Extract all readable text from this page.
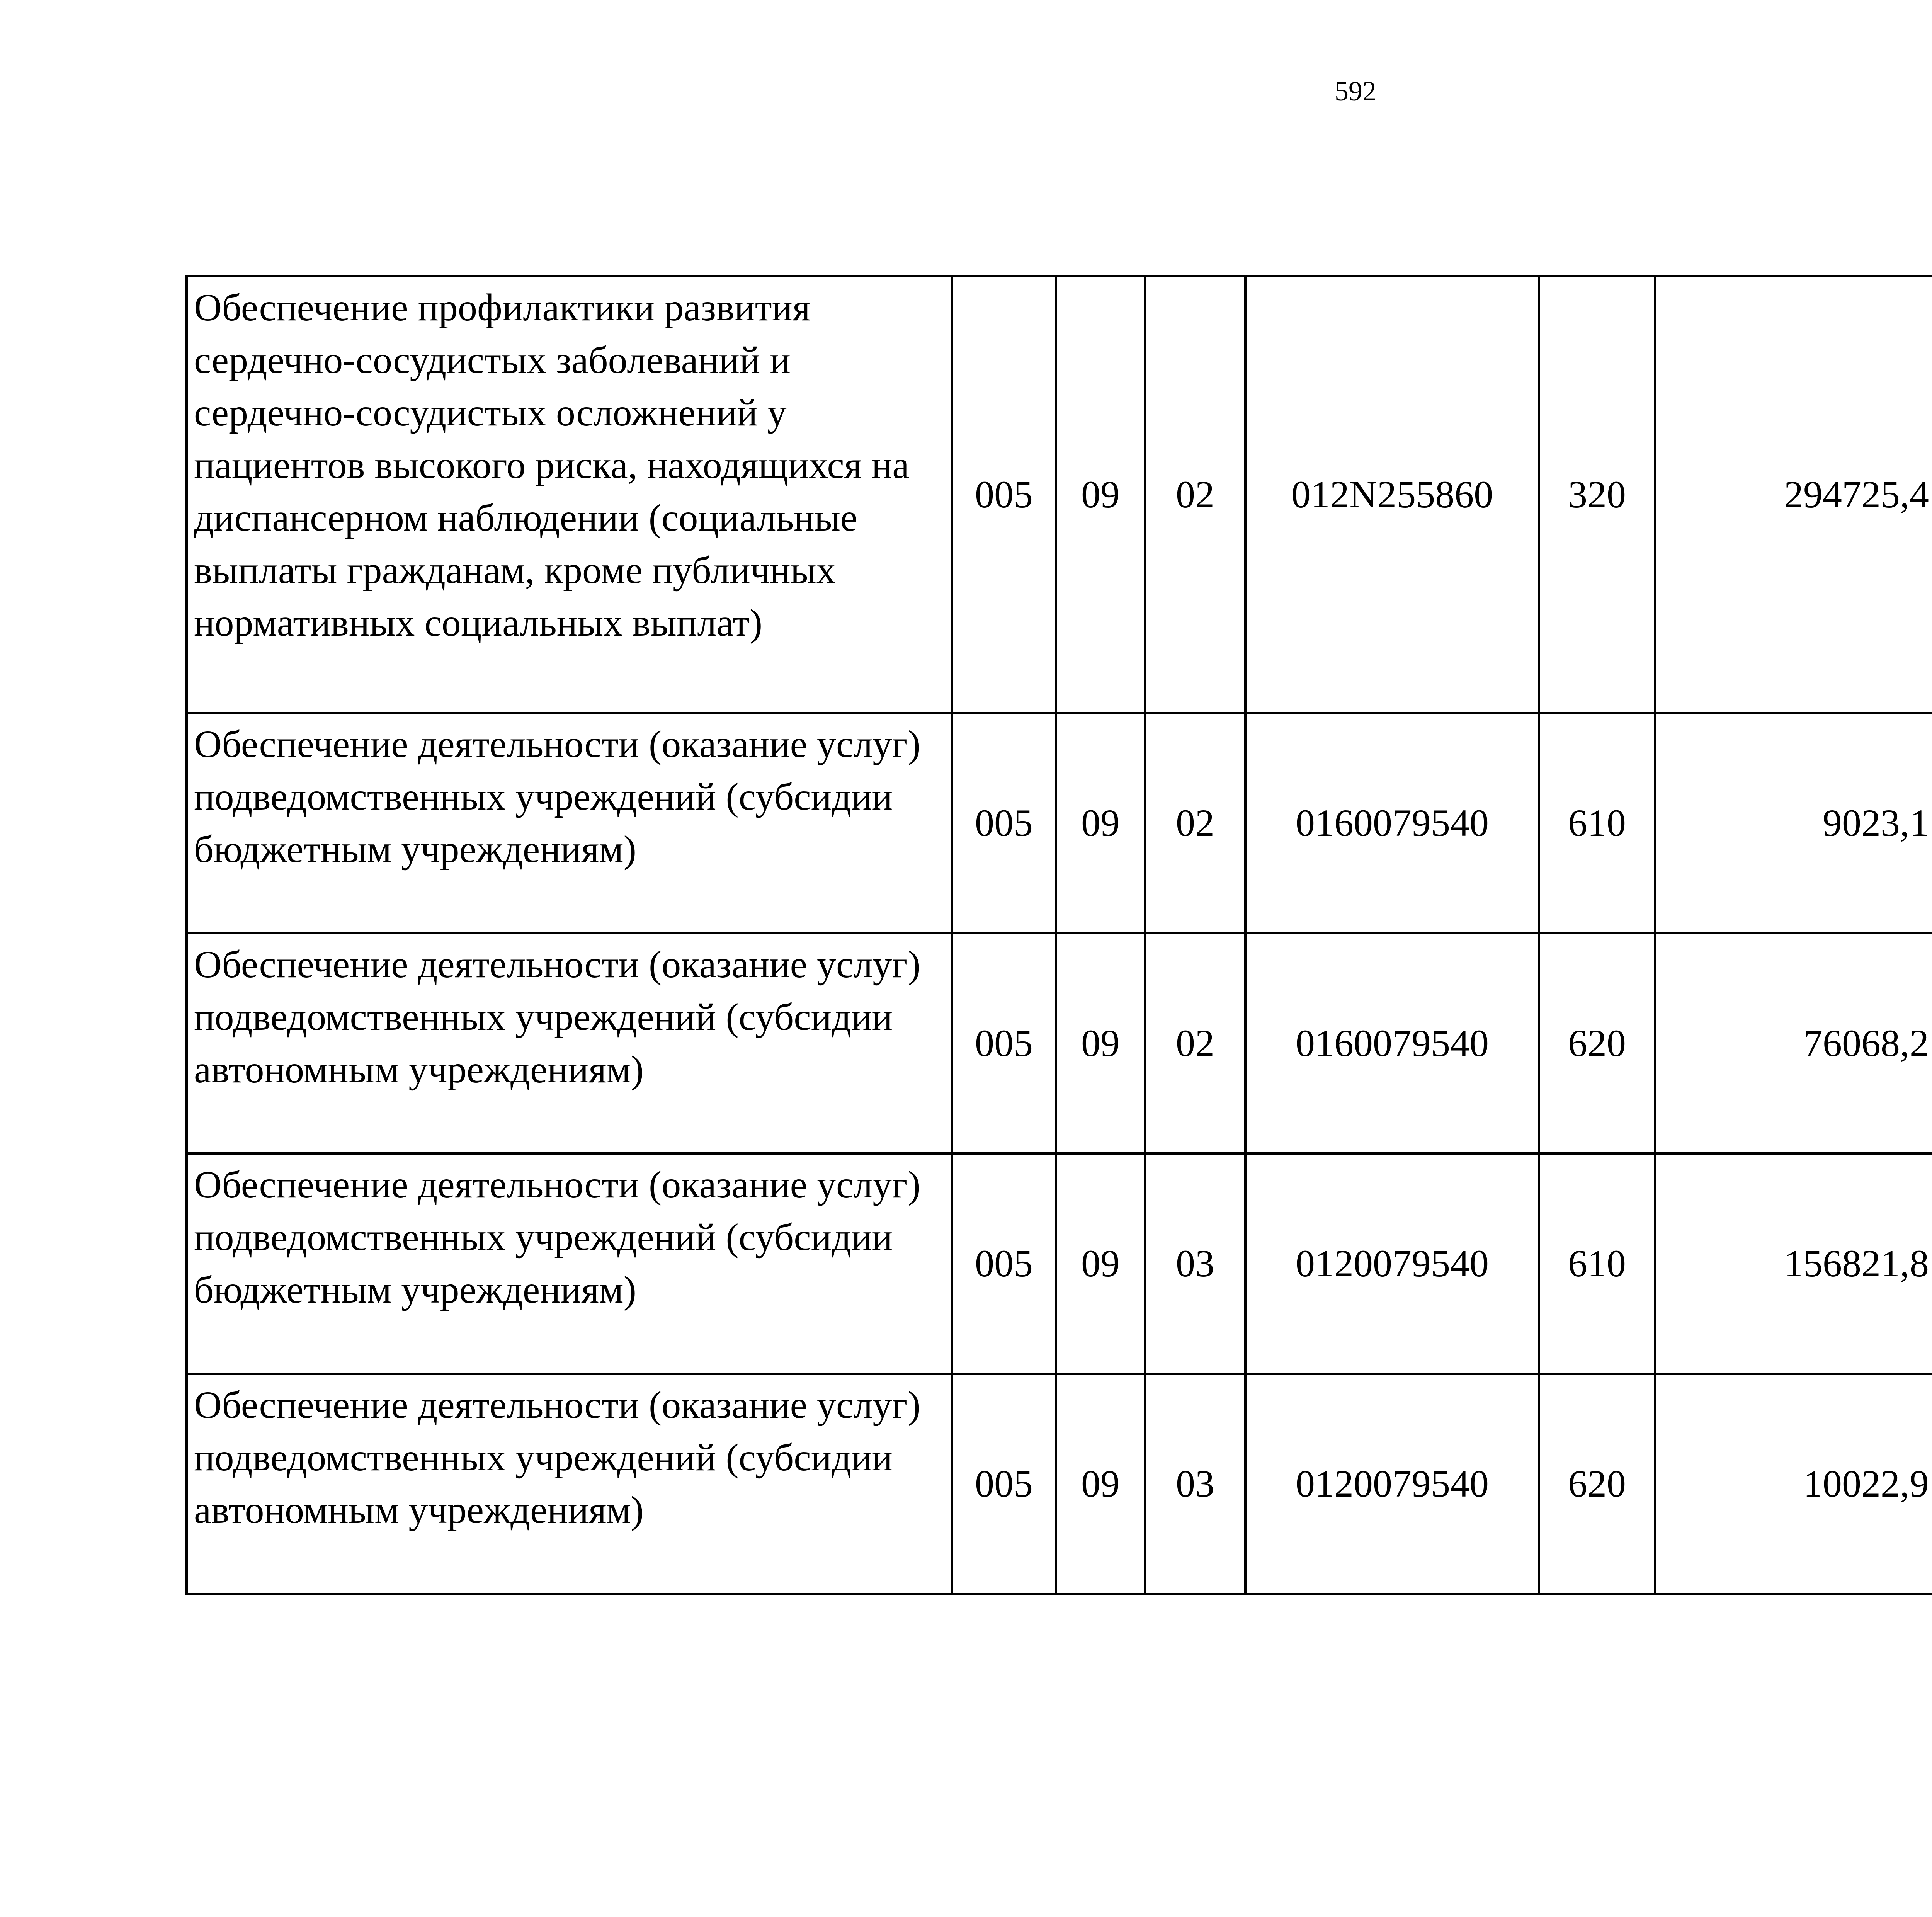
592
Обеспечение профилактики развития сердечно-сосудистых заболеваний и сердечно-сосудистых осложнений у пациентов высокого риска, находящихся на диспансерном наблюдении (социальные выплаты гражданам, кроме публичных нормативных социальных выплат)	005	09	02	012N255860	320	294725,4		
Обеспечение деятельности (оказание услуг) подведомственных учреждений (субсидии бюджетным учреждениям)	005	09	02	0160079540	610	9023,1		
Обеспечение деятельности (оказание услуг) подведомственных учреждений (субсидии автономным учреждениям)	005	09	02	0160079540	620	76068,2		
Обеспечение деятельности (оказание услуг) подведомственных учреждений (субсидии бюджетным учреждениям)	005	09	03	0120079540	610	156821,8		
Обеспечение деятельности (оказание услуг) подведомственных учреждений (субсидии автономным учреждениям)	005	09	03	0120079540	620	10022,9		
